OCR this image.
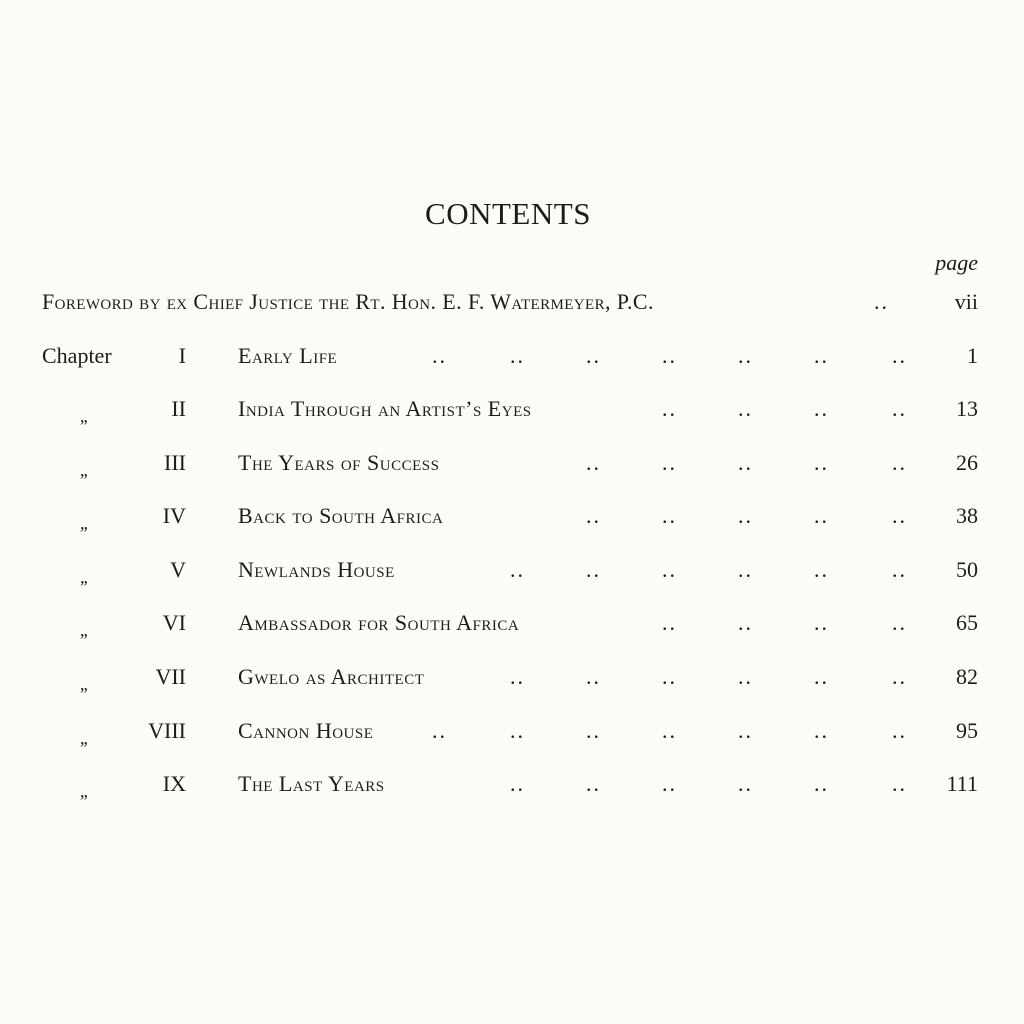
CONTENTS
page
Foreword by ex Chief Justice the Rt. Hon. E. F. Watermeyer, P.C.	..	vii
Chapter	I Early Life	..	..	..	..	..	..	..	1
,,	II India Through an Artist’s Eyes	..	..	..	.. 13
,,	III The Years of Success	..	..	..	..	.. 26
,,	IV Back to South Africa	..	..	..	..	.. 38
,,	V Newlands House	..	..	..	..	..	.. 50
,,	VI Ambassador for South Africa	..	..	..	.. 65
,,	VII Gwelo as Architect	..	..	..	..	..	.. 82
,,	VIII Cannon House	..	..	..	..	..	..	.. 95
,,	IX The Last Years	..	..	..	..	..	.. 111
